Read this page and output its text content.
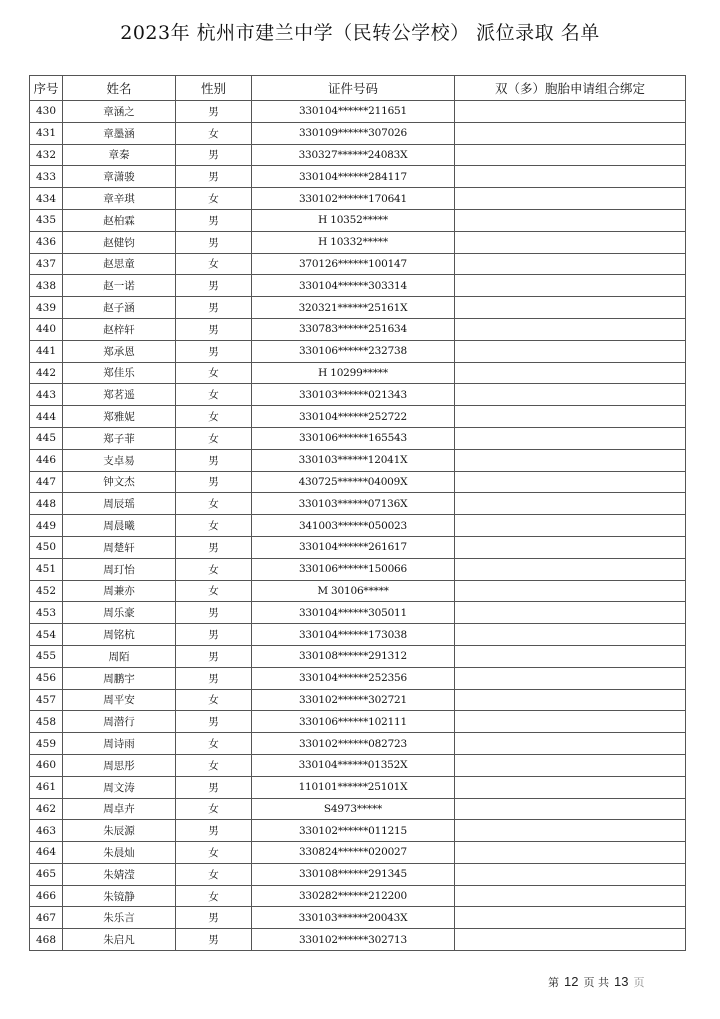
2023年 杭州市建兰中学（民转公学校） 派位录取 名单
序号	姓名	性别	证件号码	双（多）胞胎申请组合绑定
430	章涵之	男	330104******211651	
431	章墨涵	女	330109******307026	
432	章秦	男	330327******24083X	
433	章潇骏	男	330104******284117	
434	章辛琪	女	330102******170641	
435	赵柏霖	男	H 10352*****	
436	赵健钧	男	H 10332*****	
437	赵思童	女	370126******100147	
438	赵一诺	男	330104******303314	
439	赵子涵	男	320321******25161X	
440	赵梓轩	男	330783******251634	
441	郑承恩	男	330106******232738	
442	郑佳乐	女	H 10299*****	
443	郑茗遥	女	330103******021343	
444	郑雅妮	女	330104******252722	
445	郑子菲	女	330106******165543	
446	支卓易	男	330103******12041X	
447	钟文杰	男	430725******04009X	
448	周辰瑶	女	330103******07136X	
449	周晨曦	女	341003******050023	
450	周楚轩	男	330104******261617	
451	周玎怡	女	330106******150066	
452	周兼亦	女	M 30106*****	
453	周乐豪	男	330104******305011	
454	周铭杭	男	330104******173038	
455	周陌	男	330108******291312	
456	周鹏宇	男	330104******252356	
457	周平安	女	330102******302721	
458	周潜行	男	330106******102111	
459	周诗雨	女	330102******082723	
460	周思彤	女	330104******01352X	
461	周文涛	男	110101******25101X	
462	周卓卉	女	S4973*****	
463	朱辰源	男	330102******011215	
464	朱晨灿	女	330824******020027	
465	朱婧滢	女	330108******291345	
466	朱镜静	女	330282******212200	
467	朱乐言	男	330103******20043X	
468	朱启凡	男	330102******302713	
第 12 页 共 13 页
